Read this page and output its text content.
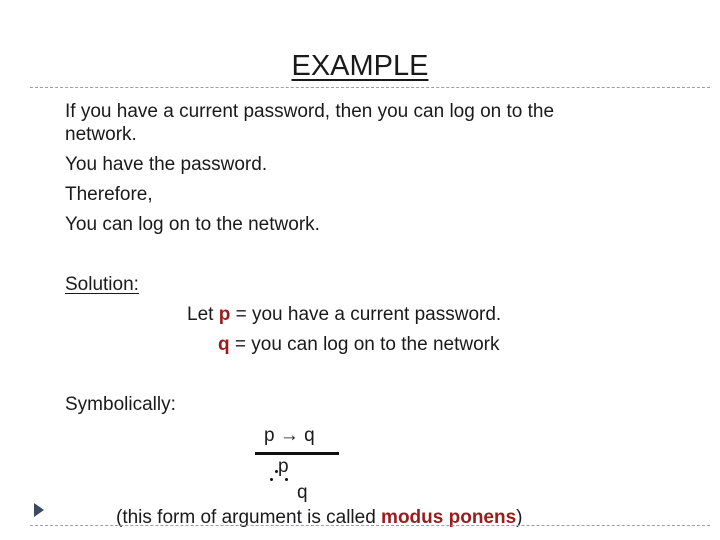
EXAMPLE
If you have a current password, then you can log on to the
network.
You have the password.
Therefore,
You can log on to the network.
Solution:
Let p = you have a current password.
q = you can log on to the network
Symbolically:
p → q
p
q
(this form of argument is called modus ponens)
